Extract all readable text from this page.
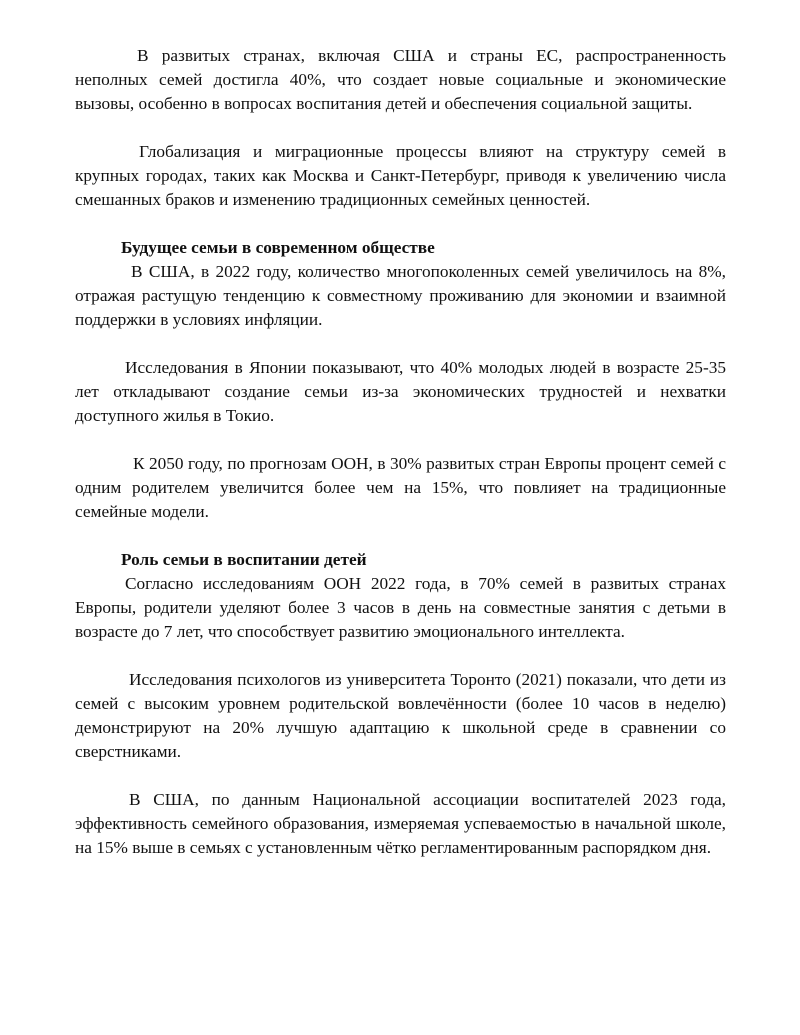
В развитых странах, включая США и страны ЕС, распространенность неполных семей достигла 40%, что создает новые социальные и экономические вызовы, особенно в вопросах воспитания детей и обеспечения социальной защиты.

Глобализация и миграционные процессы влияют на структуру семей в крупных городах, таких как Москва и Санкт-Петербург, приводя к увеличению числа смешанных браков и изменению традиционных семейных ценностей.

Будущее семьи в современном обществе

В США, в 2022 году, количество многопоколенных семей увеличилось на 8%, отражая растущую тенденцию к совместному проживанию для экономии и взаимной поддержки в условиях инфляции.

Исследования в Японии показывают, что 40% молодых людей в возрасте 25-35 лет откладывают создание семьи из-за экономических трудностей и нехватки доступного жилья в Токио.

К 2050 году, по прогнозам ООН, в 30% развитых стран Европы процент семей с одним родителем увеличится более чем на 15%, что повлияет на традиционные семейные модели.

Роль семьи в воспитании детей

Согласно исследованиям ООН 2022 года, в 70% семей в развитых странах Европы, родители уделяют более 3 часов в день на совместные занятия с детьми в возрасте до 7 лет, что способствует развитию эмоционального интеллекта.

Исследования психологов из университета Торонто (2021) показали, что дети из семей с высоким уровнем родительской вовлечённости (более 10 часов в неделю) демонстрируют на 20% лучшую адаптацию к школьной среде в сравнении со сверстниками.

В США, по данным Национальной ассоциации воспитателей 2023 года, эффективность семейного образования, измеряемая успеваемостью в начальной школе, на 15% выше в семьях с установленным чётко регламентированным распорядком дня.
